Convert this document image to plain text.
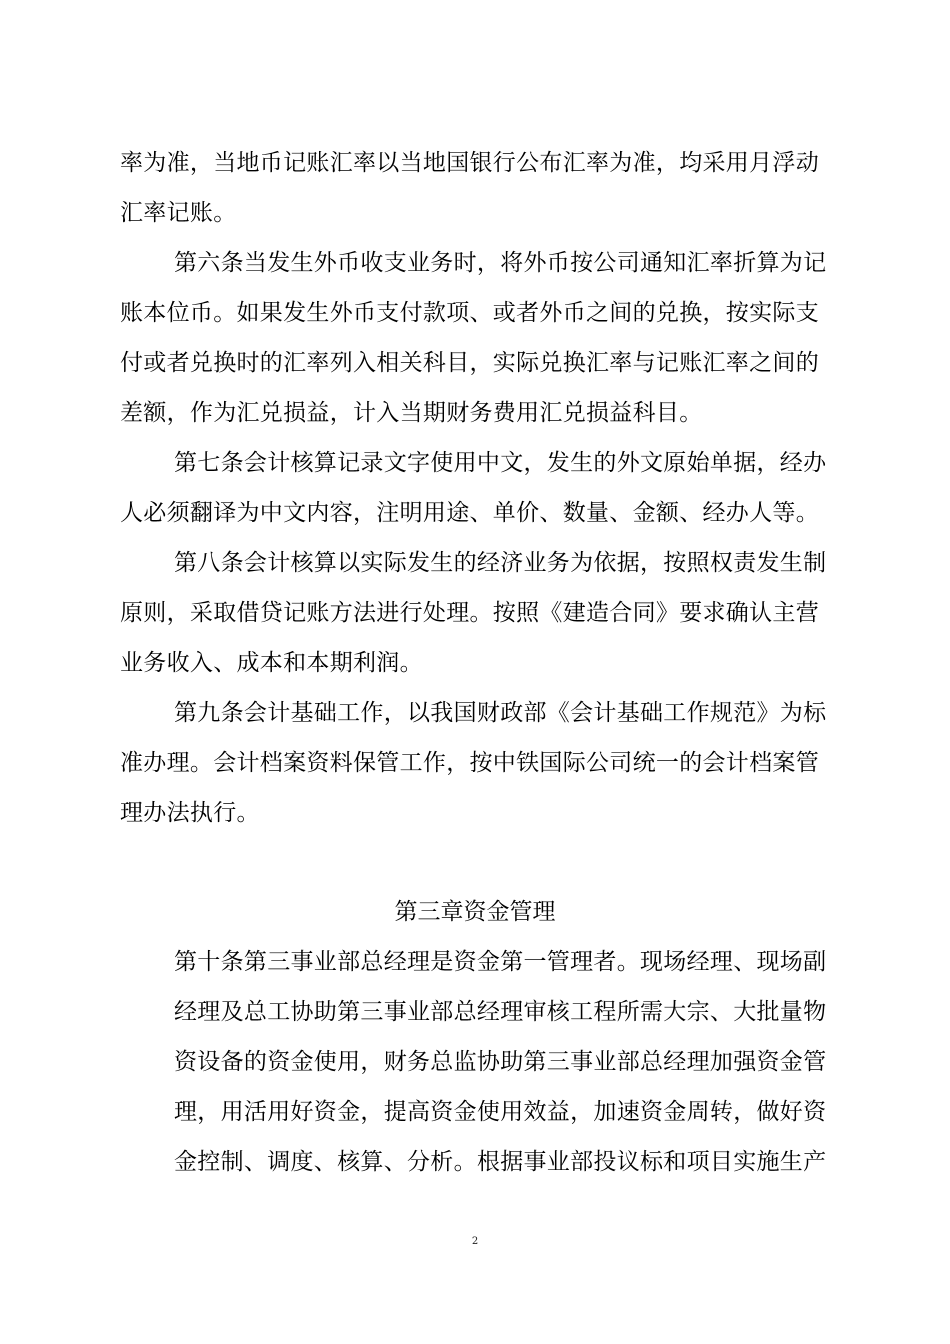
率为准，当地币记账汇率以当地国银行公布汇率为准，均采用月浮动
汇率记账。
第六条当发生外币收支业务时，将外币按公司通知汇率折算为记
账本位币。如果发生外币支付款项、或者外币之间的兑换，按实际支
付或者兑换时的汇率列入相关科目，实际兑换汇率与记账汇率之间的
差额，作为汇兑损益，计入当期财务费用汇兑损益科目。
第七条会计核算记录文字使用中文，发生的外文原始单据，经办
人必须翻译为中文内容，注明用途、单价、数量、金额、经办人等。
第八条会计核算以实际发生的经济业务为依据，按照权责发生制
原则，采取借贷记账方法进行处理。按照《建造合同》要求确认主营
业务收入、成本和本期利润。
第九条会计基础工作，以我国财政部《会计基础工作规范》为标
准办理。会计档案资料保管工作，按中铁国际公司统一的会计档案管
理办法执行。
第三章资金管理
第十条第三事业部总经理是资金第一管理者。现场经理、现场副
经理及总工协助第三事业部总经理审核工程所需大宗、大批量物
资设备的资金使用，财务总监协助第三事业部总经理加强资金管
理，用活用好资金，提高资金使用效益，加速资金周转，做好资
金控制、调度、核算、分析。根据事业部投议标和项目实施生产
2
